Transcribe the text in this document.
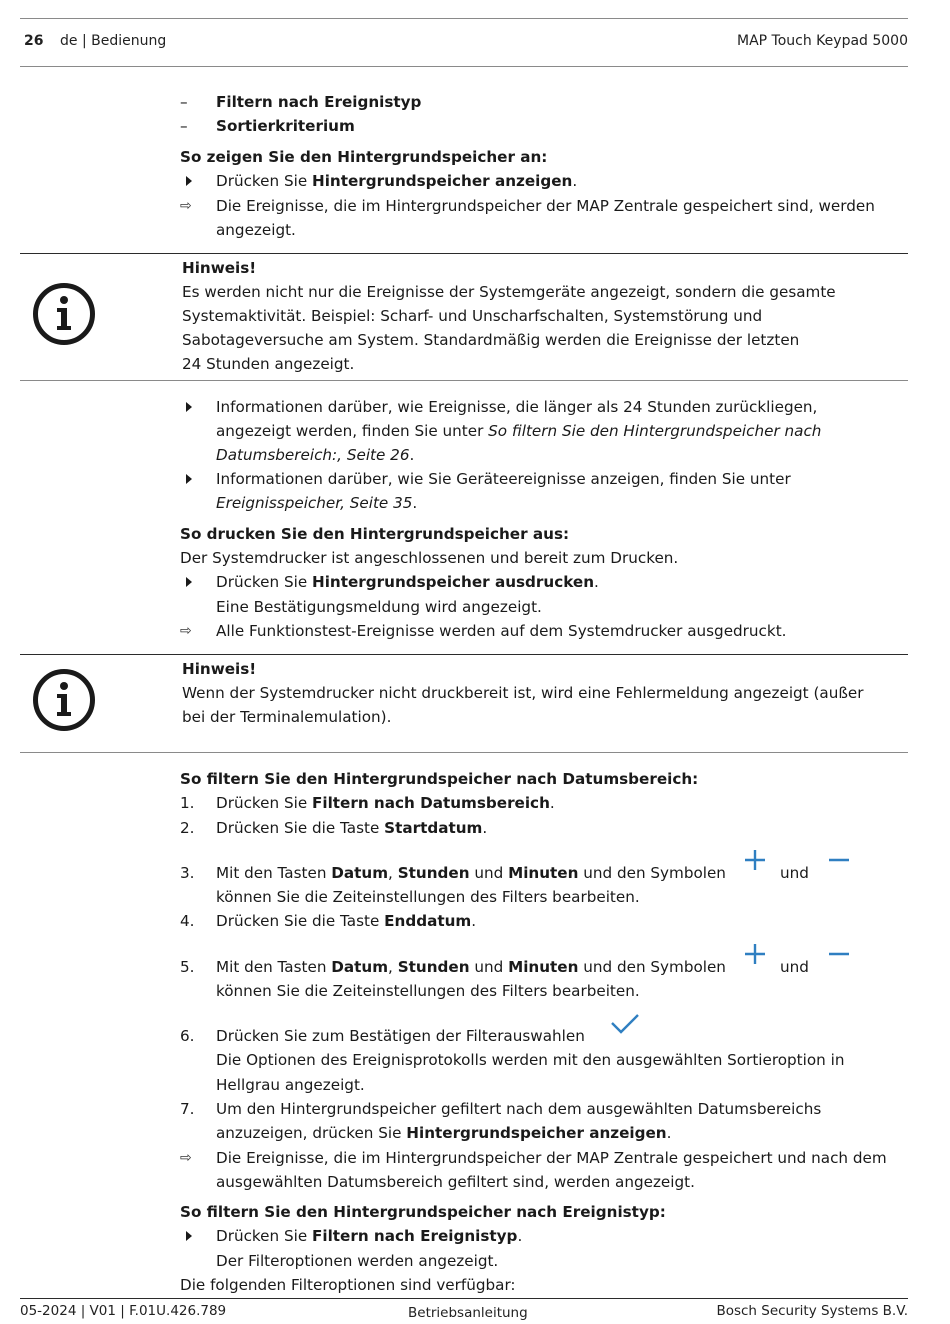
26 de | Bedienung	MAP Touch Keypad 5000
–	Filtern nach Ereignistyp
–	Sortierkriterium
So zeigen Sie den Hintergrundspeicher an:
Drücken Sie Hintergrundspeicher anzeigen.
⇨	Die Ereignisse, die im Hintergrundspeicher der MAP Zentrale gespeichert sind, werden
angezeigt.
Hinweis!
Es werden nicht nur die Ereignisse der Systemgeräte angezeigt, sondern die gesamte
Systemaktivität. Beispiel: Scharf- und Unscharfschalten, Systemstörung und
Sabotageversuche am System. Standardmäßig werden die Ereignisse der letzten
24 Stunden angezeigt.
Informationen darüber, wie Ereignisse, die länger als 24 Stunden zurückliegen,
angezeigt werden, finden Sie unter So filtern Sie den Hintergrundspeicher nach
Datumsbereich:, Seite 26.
Informationen darüber, wie Sie Geräteereignisse anzeigen, finden Sie unter
Ereignisspeicher, Seite 35.
So drucken Sie den Hintergrundspeicher aus:
Der Systemdrucker ist angeschlossenen und bereit zum Drucken.
Drücken Sie Hintergrundspeicher ausdrucken.
Eine Bestätigungsmeldung wird angezeigt.
⇨	Alle Funktionstest-Ereignisse werden auf dem Systemdrucker ausgedruckt.
Hinweis!
Wenn der Systemdrucker nicht druckbereit ist, wird eine Fehlermeldung angezeigt (außer
bei der Terminalemulation).
So filtern Sie den Hintergrundspeicher nach Datumsbereich:
1. Drücken Sie Filtern nach Datumsbereich.
2. Drücken Sie die Taste Startdatum.
3. Mit den Tasten Datum, Stunden und Minuten und den Symbolen	und
können Sie die Zeiteinstellungen des Filters bearbeiten.
4. Drücken Sie die Taste Enddatum.
5. Mit den Tasten Datum, Stunden und Minuten und den Symbolen	und
können Sie die Zeiteinstellungen des Filters bearbeiten.
6. Drücken Sie zum Bestätigen der Filterauswahlen
Die Optionen des Ereignisprotokolls werden mit den ausgewählten Sortieroption in
Hellgrau angezeigt.
7. Um den Hintergrundspeicher gefiltert nach dem ausgewählten Datumsbereichs
anzuzeigen, drücken Sie Hintergrundspeicher anzeigen.
⇨	Die Ereignisse, die im Hintergrundspeicher der MAP Zentrale gespeichert und nach dem
ausgewählten Datumsbereich gefiltert sind, werden angezeigt.
So filtern Sie den Hintergrundspeicher nach Ereignistyp:
Drücken Sie Filtern nach Ereignistyp.
Der Filteroptionen werden angezeigt.
Die folgenden Filteroptionen sind verfügbar:
05-2024 | V01 | F.01U.426.789	Betriebsanleitung	Bosch Security Systems B.V.
